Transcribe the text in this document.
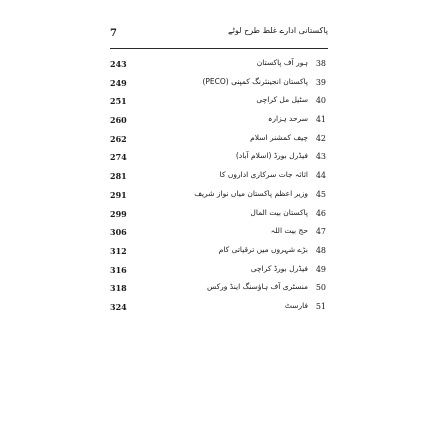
7	پاکستانی ادارے غلط طرح لوٹے
243	ہور آف پاکستان 38
249	پاکستان انجینئرنگ کمپنی (PECO) 39
251	سٹیل مل کراچی 40
260	سرحد ہزارہ 41
262	چیف کمشنر اسلام 42
274	فیڈرل بورڈ (اسلام آباد) 43
281	اثاثہ جات سرکاری اداروں کا 44
291	وزیر اعظم پاکستان میاں نواز شریف 45
299	پاکستان بیت المال 46
306	حج بیت اللہ 47
312	بڑے شہروں میں ترقیاتی کام 48
316	فیڈرل بورڈ کراچی 49
318	منسٹری آف ہاؤسنگ اینڈ ورکس 50
324	فارسٹ 51
